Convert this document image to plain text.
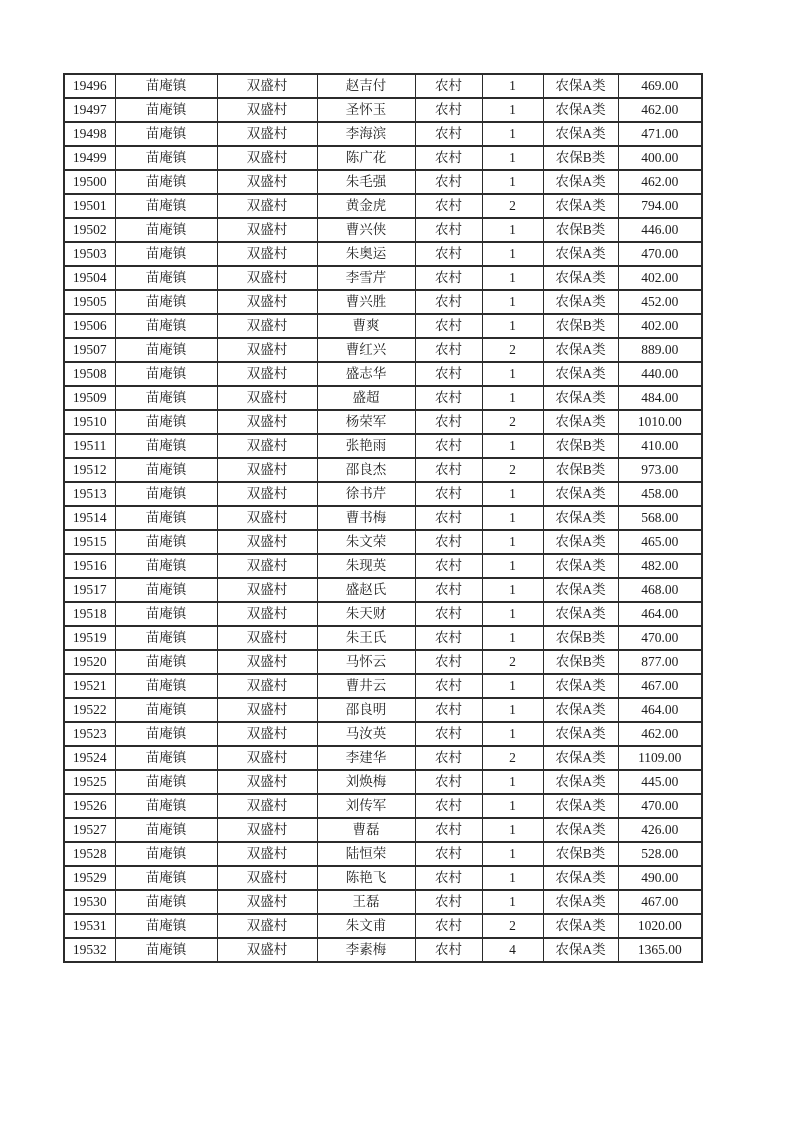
19496	苗庵镇	双盛村	赵吉付	农村	1	农保A类	469.00
19497	苗庵镇	双盛村	圣怀玉	农村	1	农保A类	462.00
19498	苗庵镇	双盛村	李海滨	农村	1	农保A类	471.00
19499	苗庵镇	双盛村	陈广花	农村	1	农保B类	400.00
19500	苗庵镇	双盛村	朱毛强	农村	1	农保A类	462.00
19501	苗庵镇	双盛村	黄金虎	农村	2	农保A类	794.00
19502	苗庵镇	双盛村	曹兴侠	农村	1	农保B类	446.00
19503	苗庵镇	双盛村	朱奥运	农村	1	农保A类	470.00
19504	苗庵镇	双盛村	李雪芹	农村	1	农保A类	402.00
19505	苗庵镇	双盛村	曹兴胜	农村	1	农保A类	452.00
19506	苗庵镇	双盛村	曹爽	农村	1	农保B类	402.00
19507	苗庵镇	双盛村	曹红兴	农村	2	农保A类	889.00
19508	苗庵镇	双盛村	盛志华	农村	1	农保A类	440.00
19509	苗庵镇	双盛村	盛超	农村	1	农保A类	484.00
19510	苗庵镇	双盛村	杨荣军	农村	2	农保A类	1010.00
19511	苗庵镇	双盛村	张艳雨	农村	1	农保B类	410.00
19512	苗庵镇	双盛村	邵良杰	农村	2	农保B类	973.00
19513	苗庵镇	双盛村	徐书芹	农村	1	农保A类	458.00
19514	苗庵镇	双盛村	曹书梅	农村	1	农保A类	568.00
19515	苗庵镇	双盛村	朱文荣	农村	1	农保A类	465.00
19516	苗庵镇	双盛村	朱现英	农村	1	农保A类	482.00
19517	苗庵镇	双盛村	盛赵氏	农村	1	农保A类	468.00
19518	苗庵镇	双盛村	朱天财	农村	1	农保A类	464.00
19519	苗庵镇	双盛村	朱王氏	农村	1	农保B类	470.00
19520	苗庵镇	双盛村	马怀云	农村	2	农保B类	877.00
19521	苗庵镇	双盛村	曹井云	农村	1	农保A类	467.00
19522	苗庵镇	双盛村	邵良明	农村	1	农保A类	464.00
19523	苗庵镇	双盛村	马汝英	农村	1	农保A类	462.00
19524	苗庵镇	双盛村	李建华	农村	2	农保A类	1109.00
19525	苗庵镇	双盛村	刘焕梅	农村	1	农保A类	445.00
19526	苗庵镇	双盛村	刘传军	农村	1	农保A类	470.00
19527	苗庵镇	双盛村	曹磊	农村	1	农保A类	426.00
19528	苗庵镇	双盛村	陆恒荣	农村	1	农保B类	528.00
19529	苗庵镇	双盛村	陈艳飞	农村	1	农保A类	490.00
19530	苗庵镇	双盛村	王磊	农村	1	农保A类	467.00
19531	苗庵镇	双盛村	朱文甫	农村	2	农保A类	1020.00
19532	苗庵镇	双盛村	李素梅	农村	4	农保A类	1365.00
